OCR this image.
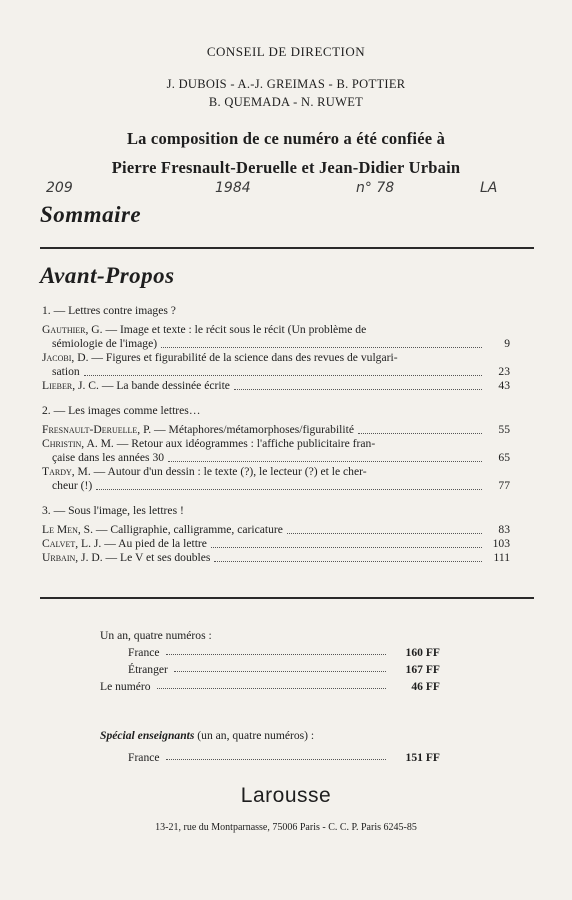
CONSEIL DE DIRECTION
J. DUBOIS - A.-J. GREIMAS - B. POTTIER
B. QUEMADA - N. RUWET
La composition de ce numéro a été confiée à
Pierre Fresnault-Deruelle et Jean-Didier Urbain
209	1984	n° 78	LA
Sommaire
Avant-Propos
1. — Lettres contre images ?
Gauthier, G. — Image et texte : le récit sous le récit (Un problème de
sémiologie de l'image)	9
Jacobi, D. — Figures et figurabilité de la science dans des revues de vulgari-
sation	23
Lieber, J. C. — La bande dessinée écrite	43
2. — Les images comme lettres…
Fresnault-Deruelle, P. — Métaphores/métamorphoses/figurabilité	55
Christin, A. M. — Retour aux idéogrammes : l'affiche publicitaire fran-
çaise dans les années 30	65
Tardy, M. — Autour d'un dessin : le texte (?), le lecteur (?) et le cher-
cheur (!)	77
3. — Sous l'image, les lettres !
Le Men, S. — Calligraphie, calligramme, caricature	83
Calvet, L. J. — Au pied de la lettre	103
Urbain, J. D. — Le V et ses doubles	111
Un an, quatre numéros :
France	160 FF
Étranger	167 FF
Le numéro	46 FF
Spécial enseignants (un an, quatre numéros) :
France	151 FF
Larousse
13-21, rue du Montparnasse, 75006 Paris - C. C. P. Paris 6245-85
